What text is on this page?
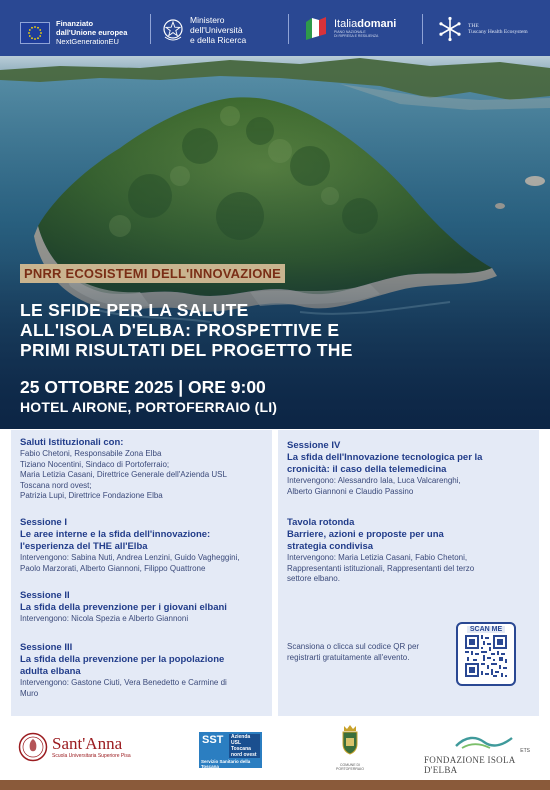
Finanziato
dall'Unione europea
NextGenerationEU
Ministero
dell'Università
e della Ricerca
Italiadomani
PIANO NAZIONALE
DI RIPRESA E RESILIENZA
THE
Tuscany Health Ecosystem
PNRR ECOSISTEMI DELL'INNOVAZIONE
LE SFIDE PER LA SALUTE
ALL'ISOLA D'ELBA: PROSPETTIVE E
PRIMI RISULTATI DEL PROGETTO THE
25 OTTOBRE 2025 | ORE 9:00
HOTEL AIRONE, PORTOFERRAIO (LI)
Saluti Istituzionali con:
Fabio Chetoni, Responsabile Zona Elba
Tiziano Nocentini, Sindaco di Portoferraio;
Maria Letizia Casani, Direttrice Generale dell'Azienda USL
Toscana nord ovest;
Patrizia Lupi, Direttrice Fondazione Elba
Sessione I
Le aree interne e la sfida dell'innovazione:
l'esperienza del THE all'Elba
Intervengono: Sabina Nuti, Andrea Lenzini, Guido Vagheggini,
Paolo Marzorati, Alberto Giannoni, Filippo Quattrone
Sessione II
La sfida della prevenzione per i giovani elbani
Intervengono: Nicola Spezia e Alberto Giannoni
Sessione III
La sfida della prevenzione per la popolazione
adulta elbana
Intervengono: Gastone Ciuti, Vera Benedetto e Carmine di
Muro
Sessione IV
La sfida dell'Innovazione tecnologica per la
cronicità: il caso della telemedicina
Intervengono: Alessandro Iala, Luca Valcarenghi,
Alberto Giannoni e Claudio Passino
Tavola rotonda
Barriere, azioni e proposte per una
strategia condivisa
Intervengono: Maria Letizia Casani, Fabio Chetoni,
Rappresentanti istituzionali, Rappresentanti del terzo
settore elbano.
Scansiona o clicca sul codice QR per
registrarti gratuitamente all'evento.
SCAN ME
Sant'Anna
Scuola Universitaria Superiore Pisa
SST	Azienda
USL
Toscana
nord ovest
Servizio Sanitario della Toscana	COMUNE DI PORTOFERRAIO
FONDAZIONE ISOLA D'ELBA
ETS
